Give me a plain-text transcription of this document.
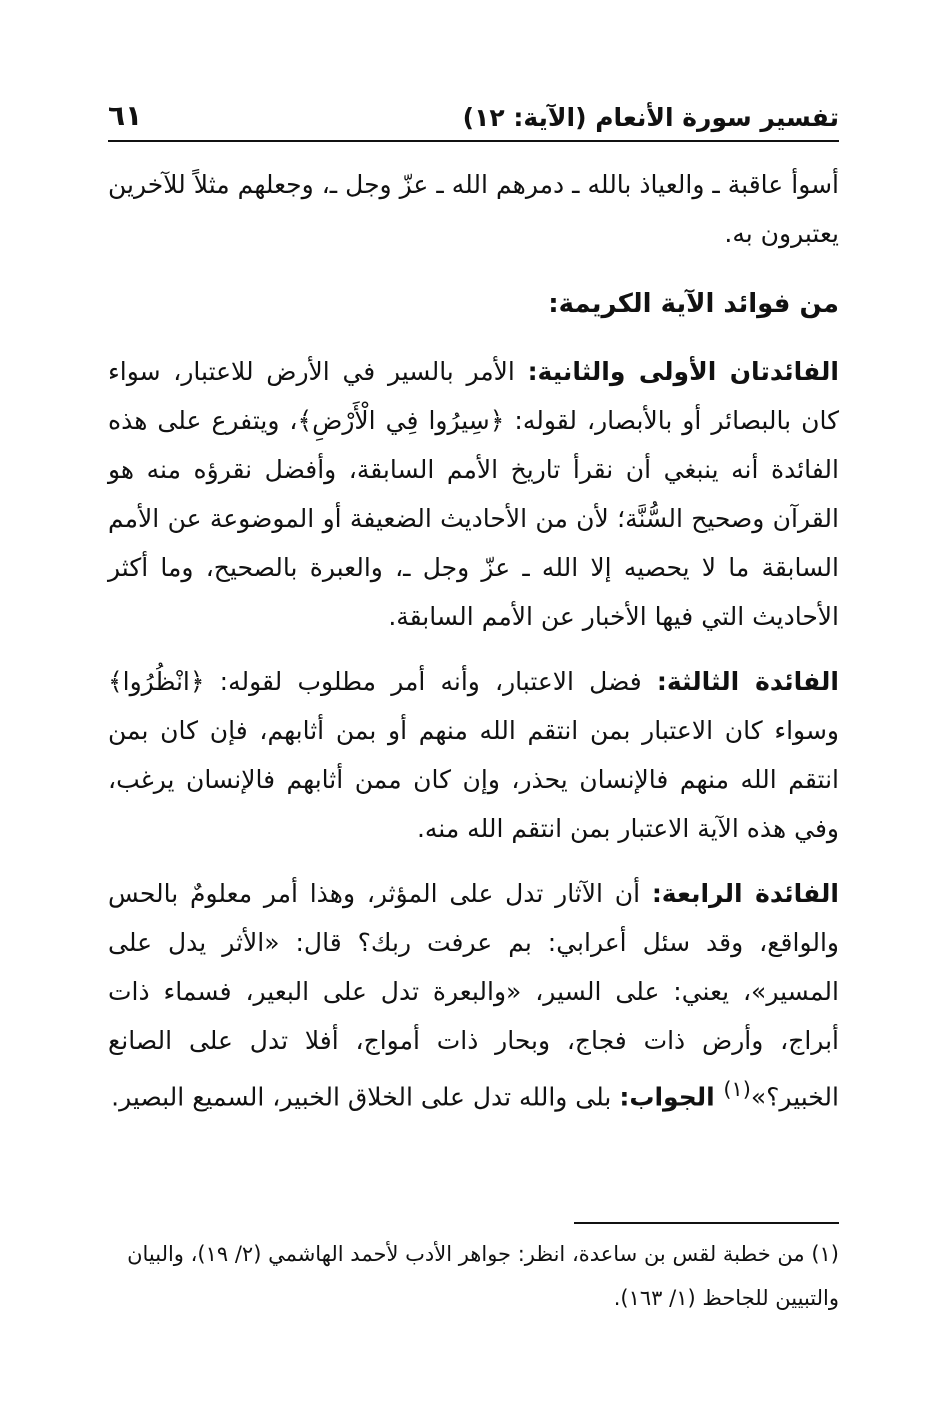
تفسير سورة الأنعام (الآية: ١٢)
٦١

أسوأ عاقبة ـ والعياذ بالله ـ دمرهم الله ـ عزّ وجل ـ، وجعلهم مثلاً للآخرين يعتبرون به.

من فوائد الآية الكريمة:

الفائدتان الأولى والثانية: الأمر بالسير في الأرض للاعتبار، سواء كان بالبصائر أو بالأبصار، لقوله: ﴿سِيرُوا فِي الْأَرْضِ﴾، ويتفرع على هذه الفائدة أنه ينبغي أن نقرأ تاريخ الأمم السابقة، وأفضل نقرؤه منه هو القرآن وصحيح السُّنَّة؛ لأن من الأحاديث الضعيفة أو الموضوعة عن الأمم السابقة ما لا يحصيه إلا الله ـ عزّ وجل ـ، والعبرة بالصحيح، وما أكثر الأحاديث التي فيها الأخبار عن الأمم السابقة.

الفائدة الثالثة: فضل الاعتبار، وأنه أمر مطلوب لقوله: ﴿انْظُرُوا﴾ وسواء كان الاعتبار بمن انتقم الله منهم أو بمن أثابهم، فإن كان بمن انتقم الله منهم فالإنسان يحذر، وإن كان ممن أثابهم فالإنسان يرغب، وفي هذه الآية الاعتبار بمن انتقم الله منه.

الفائدة الرابعة: أن الآثار تدل على المؤثر، وهذا أمر معلومٌ بالحس والواقع، وقد سئل أعرابي: بم عرفت ربك؟ قال: «الأثر يدل على المسير»، يعني: على السير، «والبعرة تدل على البعير، فسماء ذات أبراج، وأرض ذات فجاج، وبحار ذات أمواج، أفلا تدل على الصانع الخبير؟»$^{(١)}$ الجواب: بلى والله تدل على الخلاق الخبير، السميع البصير.

(١) من خطبة لقس بن ساعدة، انظر: جواهر الأدب لأحمد الهاشمي (٢/ ١٩)، والبيان والتبيين للجاحظ (١/ ١٦٣).
